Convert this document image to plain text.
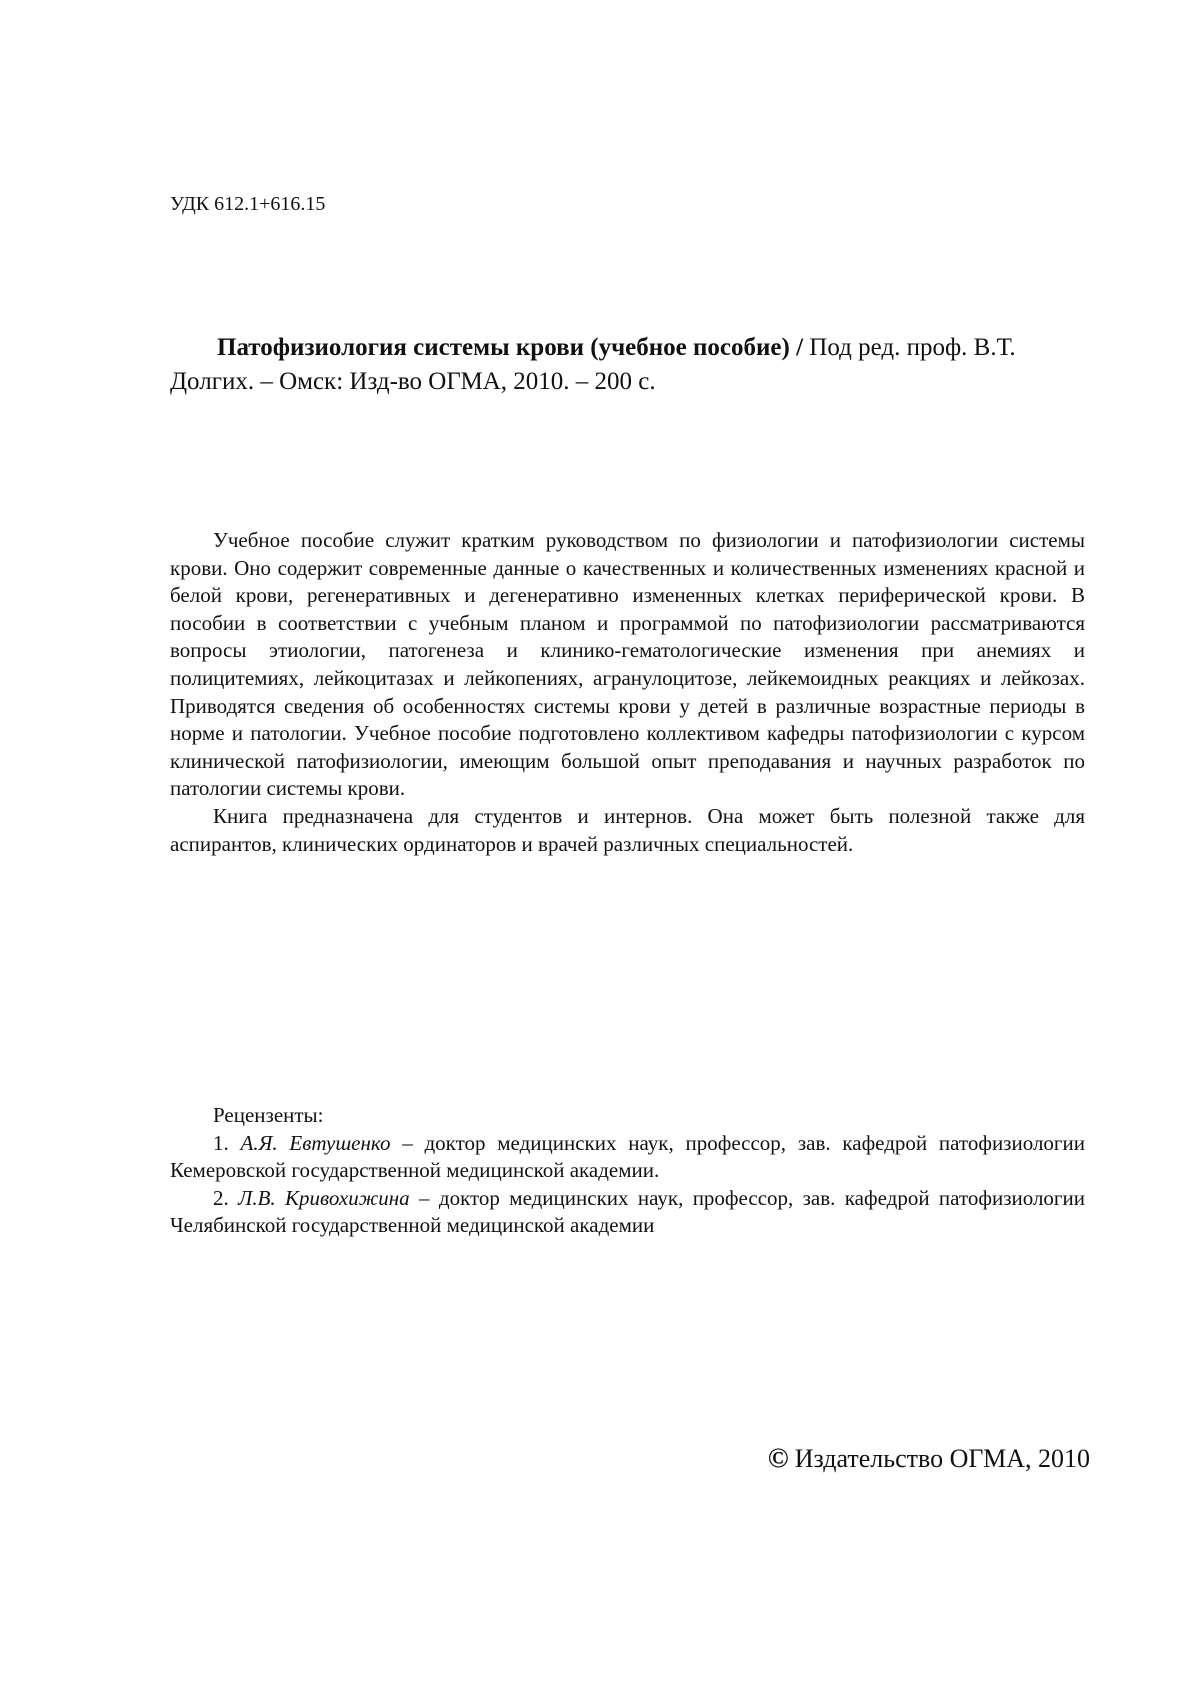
УДК 612.1+616.15
Патофизиология системы крови (учебное пособие) / Под ред. проф. В.Т. Долгих. – Омск: Изд-во ОГМА, 2010. – 200 с.

Учебное пособие служит кратким руководством по физиологии и патофизиологии системы крови. Оно содержит современные данные о качественных и количественных изменениях красной и белой крови, регенеративных и дегенеративно измененных клетках периферической крови. В пособии в соответствии с учебным планом и программой по патофизиологии рассматриваются вопросы этиологии, патогенеза и клинико-гематологические изменения при анемиях и полицитемиях, лейкоцитазах и лейкопениях, агранулоцитозе, лейкемоидных реакциях и лейкозах. Приводятся сведения об особенностях системы крови у детей в различные возрастные периоды в норме и патологии. Учебное пособие подготовлено коллективом кафедры патофизиологии с курсом клинической патофизиологии, имеющим большой опыт преподавания и научных разработок по патологии системы крови.

Книга предназначена для студентов и интернов. Она может быть полезной также для аспирантов, клинических ординаторов и врачей различных специальностей.

Рецензенты:

1. А.Я. Евтушенко – доктор медицинских наук, профессор, зав. кафедрой патофизиологии Кемеровской государственной медицинской академии.

2. Л.В. Кривохижина – доктор медицинских наук, профессор, зав. кафедрой патофизиологии Челябинской государственной медицинской академии

© Издательство ОГМА, 2010
